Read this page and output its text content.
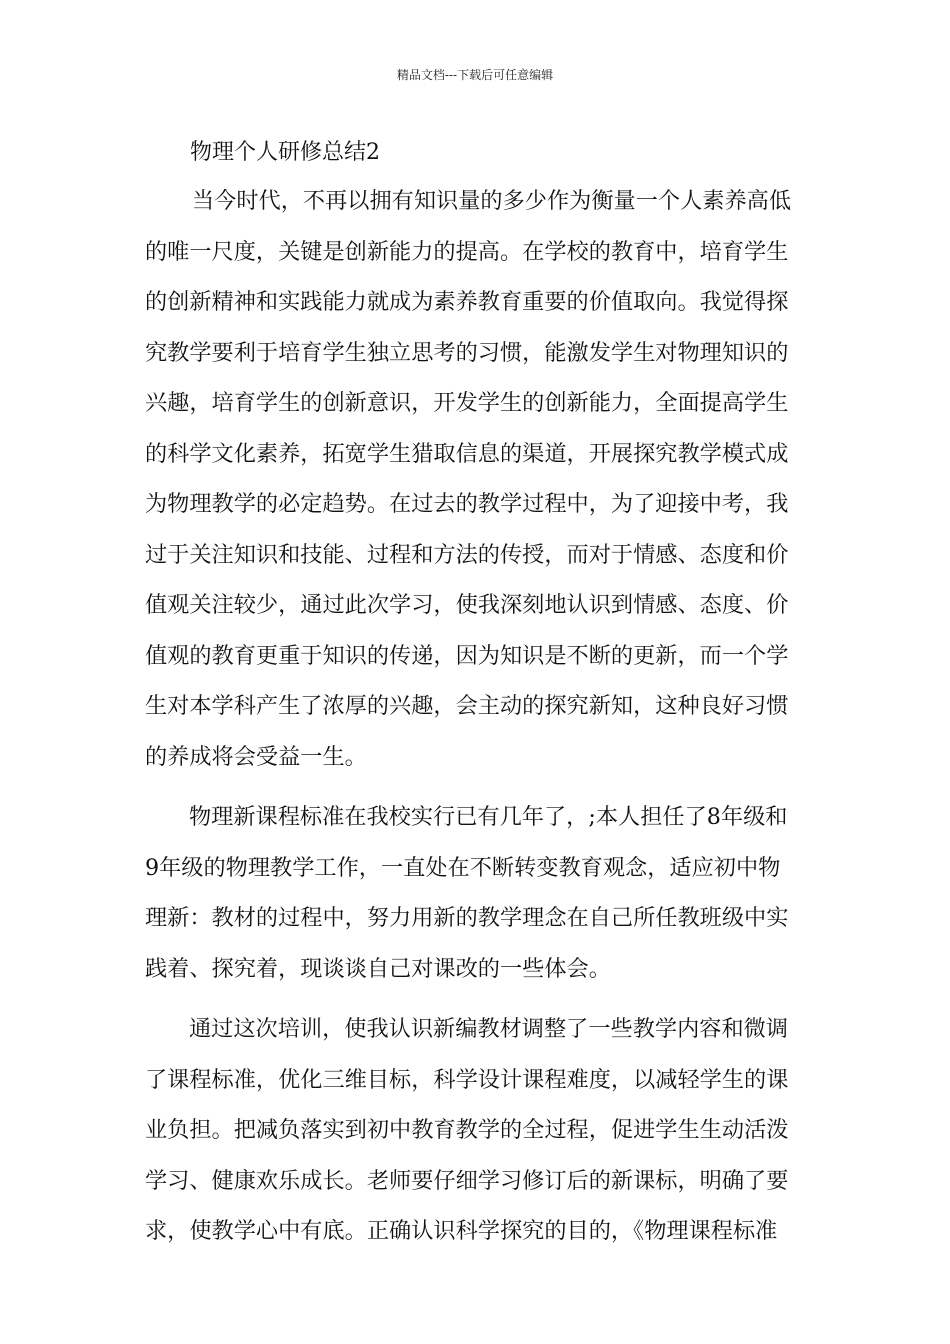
精品文档---下载后可任意编辑
物理个人研修总结2

当今时代，不再以拥有知识量的多少作为衡量一个人素养高低
的唯一尺度，关键是创新能力的提高。在学校的教育中，培育学生
的创新精神和实践能力就成为素养教育重要的价值取向。我觉得探
究教学要利于培育学生独立思考的习惯，能激发学生对物理知识的
兴趣，培育学生的创新意识，开发学生的创新能力，全面提高学生
的科学文化素养，拓宽学生猎取信息的渠道，开展探究教学模式成
为物理教学的必定趋势。在过去的教学过程中，为了迎接中考，我
过于关注知识和技能、过程和方法的传授，而对于情感、态度和价
值观关注较少，通过此次学习，使我深刻地认识到情感、态度、价
值观的教育更重于知识的传递，因为知识是不断的更新，而一个学
生对本学科产生了浓厚的兴趣，会主动的探究新知，这种良好习惯
的养成将会受益一生。

物理新课程标准在我校实行已有几年了，;本人担任了8年级和
9年级的物理教学工作，一直处在不断转变教育观念，适应初中物
理新：教材的过程中，努力用新的教学理念在自己所任教班级中实
践着、探究着，现谈谈自己对课改的一些体会。

通过这次培训，使我认识新编教材调整了一些教学内容和微调
了课程标准，优化三维目标，科学设计课程难度，以减轻学生的课
业负担。把减负落实到初中教育教学的全过程，促进学生生动活泼
学习、健康欢乐成长。老师要仔细学习修订后的新课标，明确了要
求，使教学心中有底。正确认识科学探究的目的，《物理课程标准
